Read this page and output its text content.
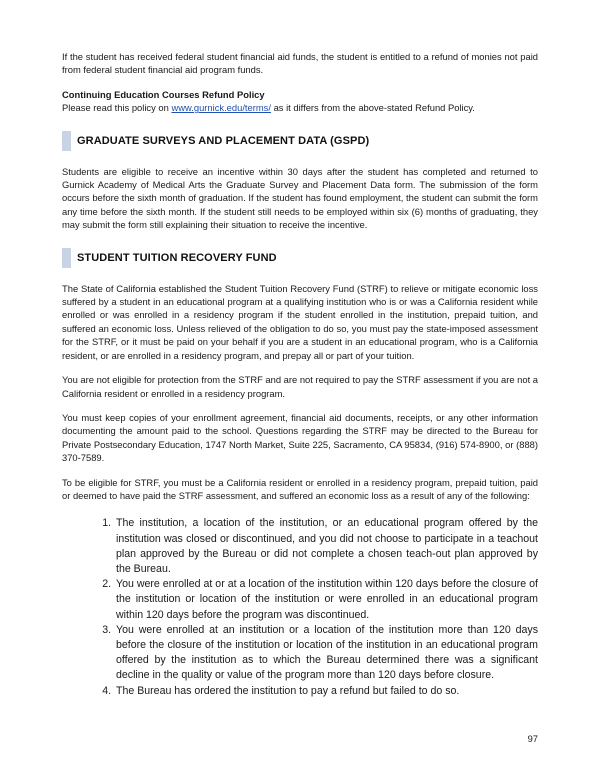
If the student has received federal student financial aid funds, the student is entitled to a refund of monies not paid from federal student financial aid program funds.

Continuing Education Courses Refund Policy

Please read this policy on www.gurnick.edu/terms/ as it differs from the above-stated Refund Policy.

GRADUATE SURVEYS AND PLACEMENT DATA (GSPD)

Students are eligible to receive an incentive within 30 days after the student has completed and returned to Gurnick Academy of Medical Arts the Graduate Survey and Placement Data form. The submission of the form occurs before the sixth month of graduation. If the student has found employment, the student can submit the form any time before the sixth month. If the student still needs to be employed within six (6) months of graduating, they may submit the form still explaining their situation to receive the incentive.

STUDENT TUITION RECOVERY FUND

The State of California established the Student Tuition Recovery Fund (STRF) to relieve or mitigate economic loss suffered by a student in an educational program at a qualifying institution who is or was a California resident while enrolled or was enrolled in a residency program if the student enrolled in the institution, prepaid tuition, and suffered an economic loss. Unless relieved of the obligation to do so, you must pay the state-imposed assessment for the STRF, or it must be paid on your behalf if you are a student in an educational program, who is a California resident, or are enrolled in a residency program, and prepay all or part of your tuition.

You are not eligible for protection from the STRF and are not required to pay the STRF assessment if you are not a California resident or enrolled in a residency program.

You must keep copies of your enrollment agreement, financial aid documents, receipts, or any other information documenting the amount paid to the school. Questions regarding the STRF may be directed to the Bureau for Private Postsecondary Education, 1747 North Market, Suite 225, Sacramento, CA 95834, (916) 574-8900, or (888) 370-7589.

To be eligible for STRF, you must be a California resident or enrolled in a residency program, prepaid tuition, paid or deemed to have paid the STRF assessment, and suffered an economic loss as a result of any of the following:

1. The institution, a location of the institution, or an educational program offered by the institution was closed or discontinued, and you did not choose to participate in a teachout plan approved by the Bureau or did not complete a chosen teach-out plan approved by the Bureau.
2. You were enrolled at or at a location of the institution within 120 days before the closure of the institution or location of the institution or were enrolled in an educational program within 120 days before the program was discontinued.
3. You were enrolled at an institution or a location of the institution more than 120 days before the closure of the institution or location of the institution in an educational program offered by the institution as to which the Bureau determined there was a significant decline in the quality or value of the program more than 120 days before closure.
4. The Bureau has ordered the institution to pay a refund but failed to do so.
97
